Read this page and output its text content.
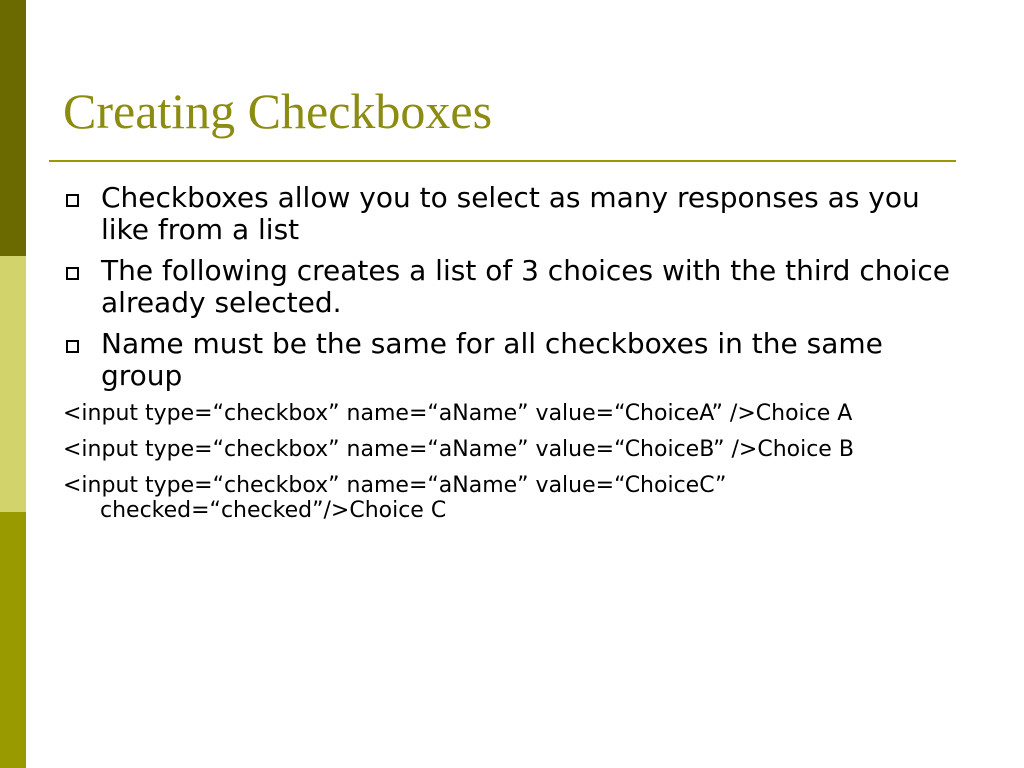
Creating Checkboxes
Checkboxes allow you to select as many responses as you like from a list
The following creates a list of 3 choices with the third choice already selected.
Name must be the same for all checkboxes in the same group
<input type=“checkbox” name=“aName” value=“ChoiceA” />Choice A
<input type=“checkbox” name=“aName” value=“ChoiceB” />Choice B
<input type=“checkbox” name=“aName” value=“ChoiceC” checked=“checked”/>Choice C
